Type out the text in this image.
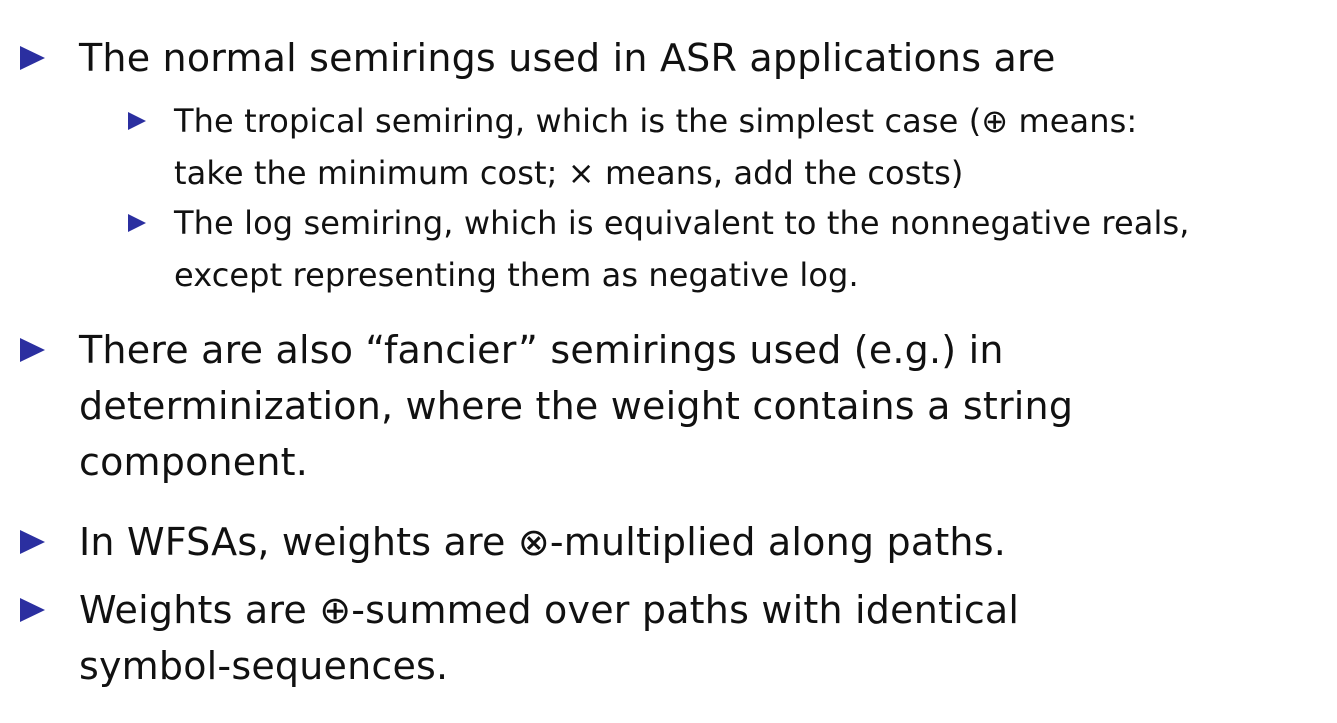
The normal semirings used in ASR applications are
The tropical semiring, which is the simplest case (⊕ means:
take the minimum cost; × means, add the costs)
The log semiring, which is equivalent to the nonnegative reals,
except representing them as negative log.
There are also “fancier” semirings used (e.g.) in
determinization, where the weight contains a string
component.
In WFSAs, weights are ⊗-multiplied along paths.
Weights are ⊕-summed over paths with identical
symbol-sequences.
